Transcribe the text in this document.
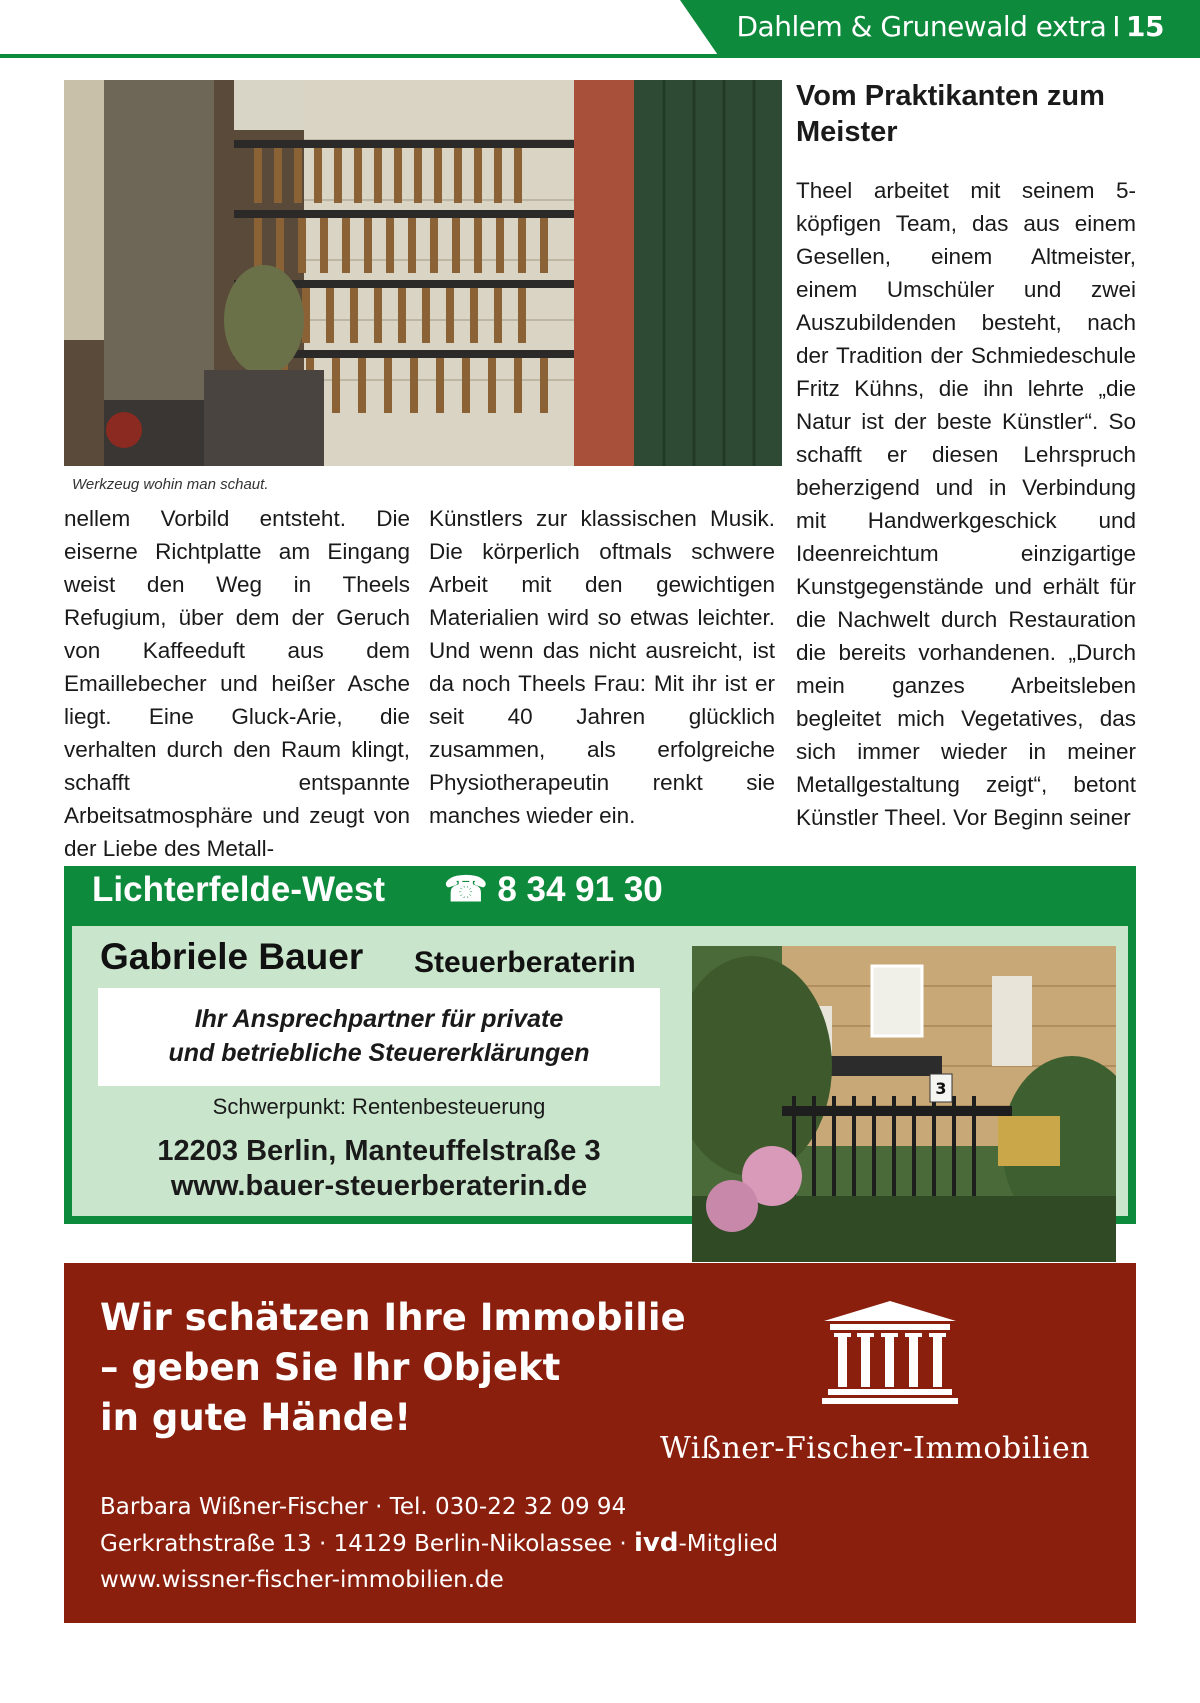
Dahlem & Grunewald extra I 15
Werkzeug wohin man schaut.
nellem Vorbild entsteht. Die eiserne Richtplatte am Eingang weist den Weg in Theels Refugium, über dem der Geruch von Kaffeeduft aus dem Emaillebecher und heißer Asche liegt. Eine Gluck-Arie, die verhalten durch den Raum klingt, schafft entspannte Arbeitsatmosphäre und zeugt von der Liebe des Metall-
Künstlers zur klassischen Musik. Die körperlich oftmals schwere Arbeit mit den gewichtigen Materialien wird so etwas leichter. Und wenn das nicht ausreicht, ist da noch Theels Frau: Mit ihr ist er seit 40 Jahren glücklich zusammen, als erfolgreiche Physiotherapeutin renkt sie manches wieder ein.
Vom Praktikanten zum Meister
Theel arbeitet mit seinem 5-köpfigen Team, das aus einem Gesellen, einem Altmeister, einem Umschüler und zwei Auszubildenden besteht, nach der Tradition der Schmiedeschule Fritz Kühns, die ihn lehrte „die Natur ist der beste Künstler“. So schafft er diesen Lehrspruch beherzigend und in Verbindung mit Handwerkgeschick und Ideenreichtum einzigartige Kunstgegenstände und erhält für die Nachwelt durch Restauration die bereits vorhandenen. „Durch mein ganzes Arbeitsleben begleitet mich Vegetatives, das sich immer wieder in meiner Metallgestaltung zeigt“, betont Künstler Theel. Vor Beginn seiner
Lichterfelde-West ☎ 8 34 91 30
Gabriele Bauer Steuerberaterin
Ihr Ansprechpartner für private
und betriebliche Steuererklärungen
Schwerpunkt: Rentenbesteuerung
12203 Berlin, Manteuffelstraße 3
www.bauer-steuerberaterin.de
3
Wir schätzen Ihre Immobilie
– geben Sie Ihr Objekt
in gute Hände!
Wißner-Fischer-Immobilien
Barbara Wißner-Fischer · Tel. 030-22 32 09 94
Gerkrathstraße 13 · 14129 Berlin-Nikolassee · ivd-Mitglied
www.wissner-fischer-immobilien.de
